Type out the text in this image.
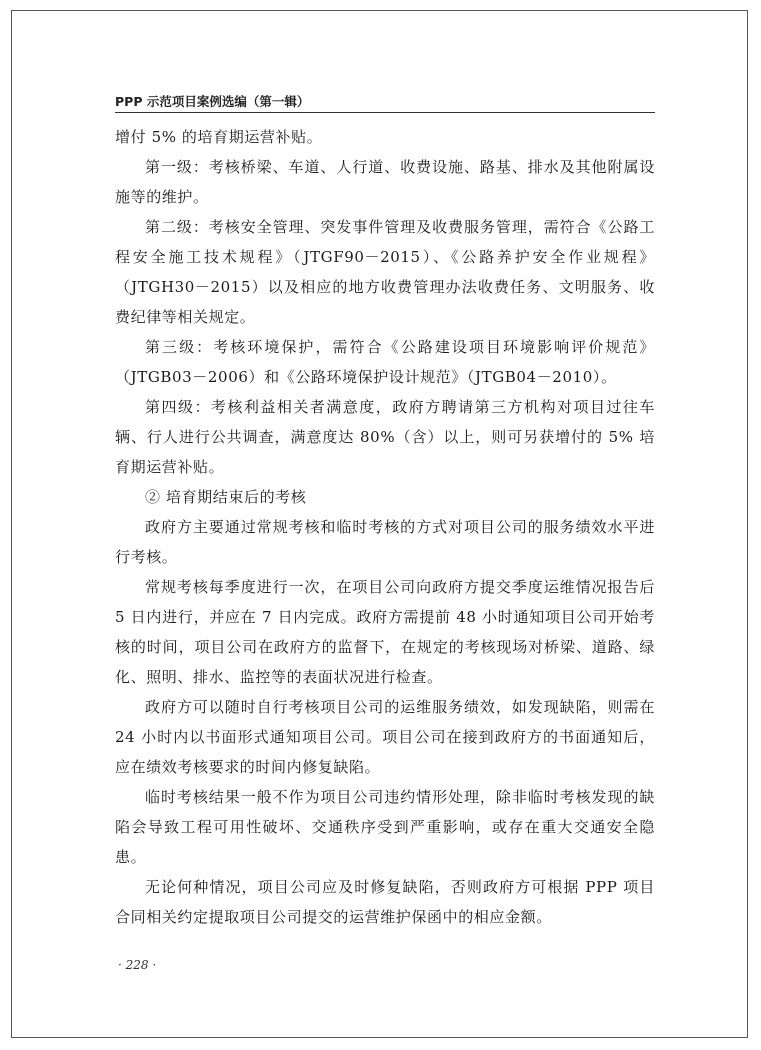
PPP 示范项目案例选编（第一辑）

增付 5% 的培育期运营补贴。

第一级：考核桥梁、车道、人行道、收费设施、路基、排水及其他附属设施等的维护。

第二级：考核安全管理、突发事件管理及收费服务管理，需符合《公路工程安全施工技术规程》（JTGF90－2015）、《公路养护安全作业规程》（JTGH30－2015）以及相应的地方收费管理办法收费任务、文明服务、收费纪律等相关规定。

第三级：考核环境保护，需符合《公路建设项目环境影响评价规范》（JTGB03－2006）和《公路环境保护设计规范》（JTGB04－2010）。

第四级：考核利益相关者满意度，政府方聘请第三方机构对项目过往车辆、行人进行公共调查，满意度达 80%（含）以上，则可另获增付的 5% 培育期运营补贴。

② 培育期结束后的考核

政府方主要通过常规考核和临时考核的方式对项目公司的服务绩效水平进行考核。

常规考核每季度进行一次，在项目公司向政府方提交季度运维情况报告后 5 日内进行，并应在 7 日内完成。政府方需提前 48 小时通知项目公司开始考核的时间，项目公司在政府方的监督下，在规定的考核现场对桥梁、道路、绿化、照明、排水、监控等的表面状况进行检查。

政府方可以随时自行考核项目公司的运维服务绩效，如发现缺陷，则需在 24 小时内以书面形式通知项目公司。项目公司在接到政府方的书面通知后，应在绩效考核要求的时间内修复缺陷。

临时考核结果一般不作为项目公司违约情形处理，除非临时考核发现的缺陷会导致工程可用性破坏、交通秩序受到严重影响，或存在重大交通安全隐患。

无论何种情况，项目公司应及时修复缺陷，否则政府方可根据 PPP 项目合同相关约定提取项目公司提交的运营维护保函中的相应金额。

· 228 ·
